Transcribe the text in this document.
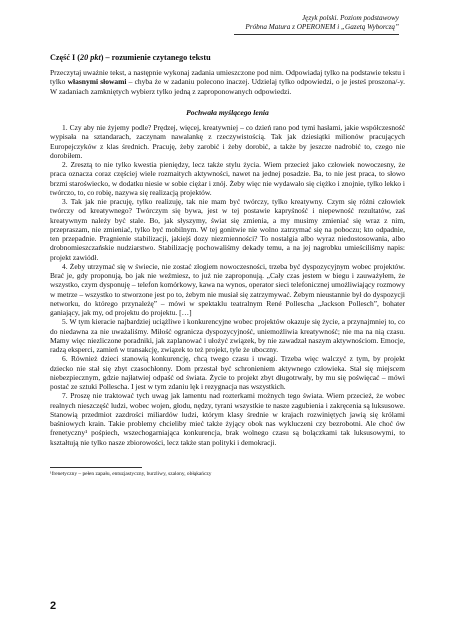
Język polski. Poziom podstawowy
Próbna Matura z OPERONEM i „Gazetą Wyborczą”
Część I (20 pkt) – rozumienie czytanego tekstu

Przeczytaj uważnie tekst, a następnie wykonaj zadania umieszczone pod nim. Odpowiadaj tylko na podstawie tekstu i tylko własnymi słowami – chyba że w zadaniu polecono inaczej. Udzielaj tylko odpowiedzi, o je jesteś proszona/-y. W zadaniach zamkniętych wybierz tylko jedną z zaproponowanych odpowiedzi.

Pochwała myślącego lenia

1. Czy aby nie żyjemy podle? Prędzej, więcej, kreatywniej – co dzień rano pod tymi hasłami, jakie współczesność wypisała na sztandarach, zaczynam nawalankę z rzeczywistością. Tak jak dziesiątki milionów pracujących Europejczyków z klas średnich. Pracuję, żeby zarobić i żeby dorobić, a także by jeszcze nadrobić to, czego nie dorobiłem.

2. Zresztą to nie tylko kwestia pieniędzy, lecz także stylu życia. Wiem przecież jako człowiek nowoczesny, że praca oznacza coraz częściej wiele rozmaitych aktywności, nawet na jednej posadzie. Ba, to nie jest praca, to słowo brzmi staroświecko, w dodatku niesie w sobie ciężar i znój. Żeby więc nie wydawało się ciężko i znojnie, tylko lekko i twórczo, to, co robię, nazywa się realizacją projektów.

3. Tak jak nie pracuję, tylko realizuję, tak nie mam być twórczy, tylko kreatywny. Czym się różni człowiek twórczy od kreatywnego? Twórczym się bywa, jest w tej postawie kapryśność i niepewność rezultatów, zaś kreatywnym należy być stale. Bo, jak słyszymy, świat się zmienia, a my musimy zmieniać się wraz z nim, przepraszam, nie zmieniać, tylko być mobilnym. W tej gonitwie nie wolno zatrzymać się na poboczu; kto odpadnie, ten przepadnie. Pragnienie stabilizacji, jakiejś dozy niezmienności? To nostalgia albo wyraz niedostosowania, albo drobnomieszczańskie nudziarstwo. Stabilizację pochowaliśmy dekady temu, a na jej nagrobku umieściliśmy napis: projekt zawiódł.

4. Żeby utrzymać się w świecie, nie zostać złogiem nowoczesności, trzeba być dyspozycyjnym wobec projektów. Brać je, gdy proponują, bo jak nie weźmiesz, to już nie zaproponują. „Cały czas jestem w biegu i zauważyłem, że wszystko, czym dysponuję – telefon komórkowy, kawa na wynos, operator sieci telefonicznej umożliwiający rozmowy w metrze – wszystko to stworzone jest po to, żebym nie musiał się zatrzymywać. Żebym nieustannie był do dyspozycji networku, do którego przynależę” – mówi w spektaklu teatralnym René Pollescha „Jackson Pollesch”, bohater ganiający, jak my, od projektu do projektu. […]

5. W tym kieracie najbardziej uciążliwe i konkurencyjne wobec projektów okazuje się życie, a przynajmniej to, co do niedawna za nie uważaliśmy. Miłość ogranicza dyspozycyjność, uniemożliwia kreatywność; nie ma na nią czasu. Mamy więc niezliczone poradniki, jak zaplanować i ułożyć związek, by nie zawadzał naszym aktywnościom. Emocje, radzą eksperci, zamień w transakcję, związek to też projekt, tyle że uboczny.

6. Również dzieci stanowią konkurencję, chcą twego czasu i uwagi. Trzeba więc walczyć z tym, by projekt dziecko nie stał się zbyt czasochłonny. Dom przestał być schronieniem aktywnego człowieka. Stał się miejscem niebezpiecznym, gdzie najłatwiej odpaść od świata. Życie to projekt zbyt długotrwały, by mu się poświęcać – mówi postać ze sztuki Pollescha. I jest w tym zdaniu lęk i rezygnacja nas wszystkich.

7. Proszę nie traktować tych uwag jak lamentu nad rozterkami możnych tego świata. Wiem przecież, że wobec realnych nieszczęść ludzi, wobec wojen, głodu, nędzy, tyrani wszystkie te nasze zagubienia i zakręcenia są luksusowe. Stanowią przedmiot zazdrości miliardów ludzi, którym klasy średnie w krajach rozwiniętych jawią się królami baśniowych krain. Takie problemy chcieliby mieć także żyjący obok nas wykluczeni czy bezrobotni. Ale choć ów frenetyczny¹ pośpiech, wszechogarniająca konkurencja, brak wolnego czasu są bolączkami tak luksusowymi, to kształtują nie tylko nasze zbiorowości, lecz także stan polityki i demokracji.

¹frenetyczny – pełen zapału, entuzjastyczny, burzliwy, szalony, obłąkańczy

2
